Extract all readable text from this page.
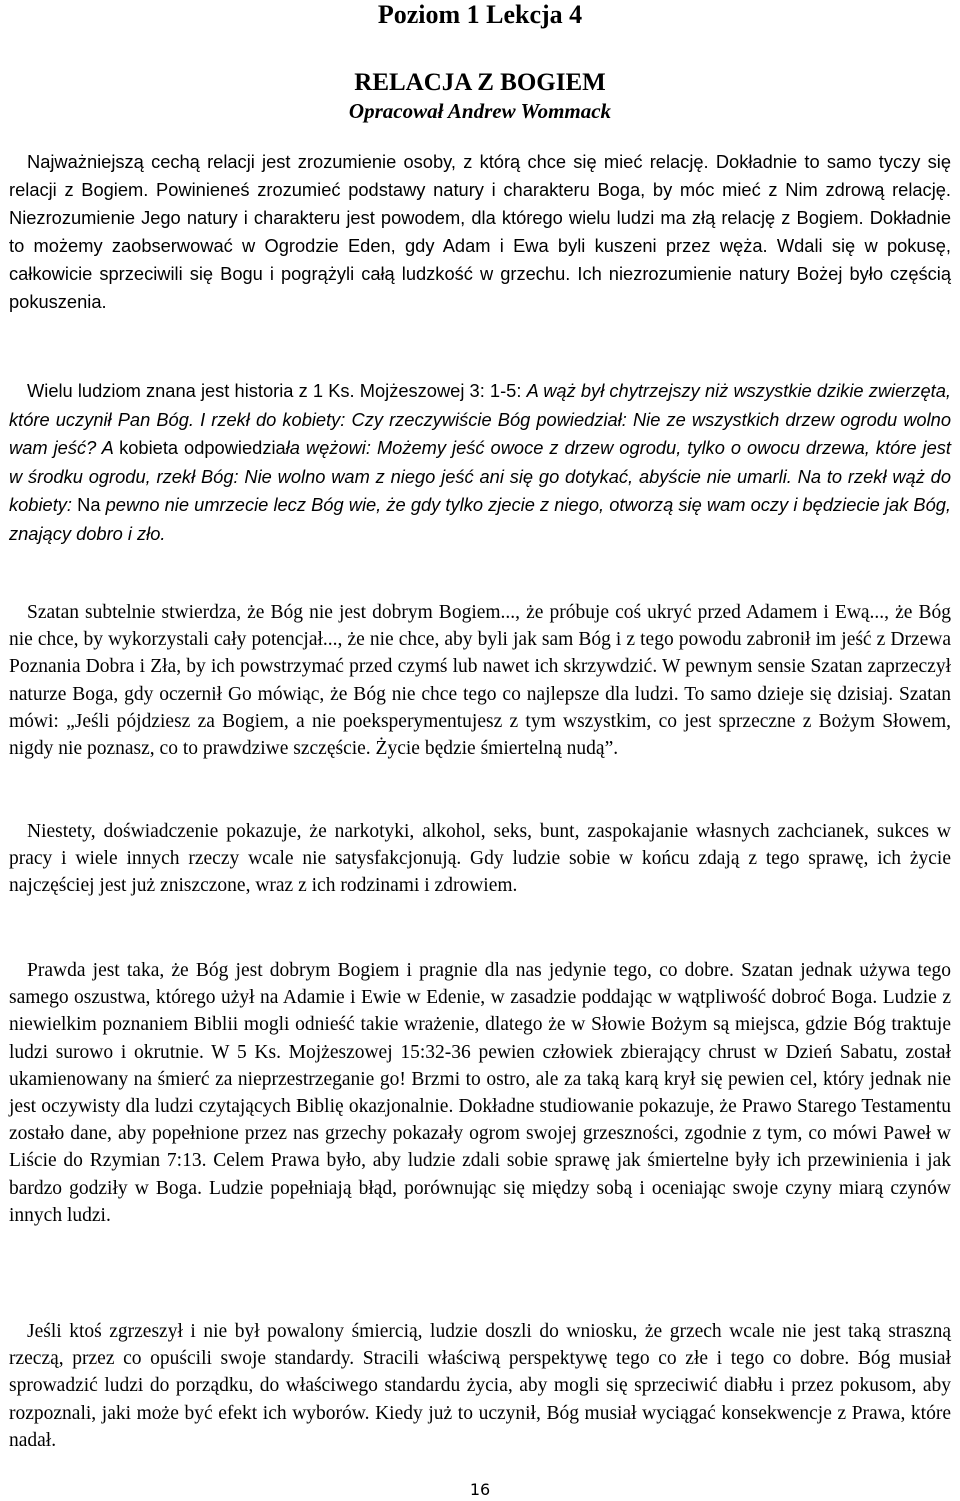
Poziom 1 Lekcja 4
RELACJA Z BOGIEM
Opracował Andrew Wommack

Najważniejszą cechą relacji jest zrozumienie osoby, z którą chce się mieć relację. Dokładnie to samo tyczy się relacji z Bogiem. Powinieneś zrozumieć podstawy natury i charakteru Boga, by móc mieć z Nim zdrową relację. Niezrozumienie Jego natury i charakteru jest powodem, dla którego wielu ludzi ma złą relację z Bogiem. Dokładnie to możemy zaobserwować w Ogrodzie Eden, gdy Adam i Ewa byli kuszeni przez węża. Wdali się w pokusę, całkowicie sprzeciwili się Bogu i pogrążyli całą ludzkość w grzechu. Ich niezrozumienie natury Bożej było częścią pokuszenia.

Wielu ludziom znana jest historia z 1 Ks. Mojżeszowej 3: 1-5: A wąż był chytrzejszy niż wszystkie dzikie zwierzęta, które uczynił Pan Bóg. I rzekł do kobiety: Czy rzeczywiście Bóg powiedział: Nie ze wszystkich drzew ogrodu wolno wam jeść? A kobieta odpowiedziała wężowi: Możemy jeść owoce z drzew ogrodu, tylko o owocu drzewa, które jest w środku ogrodu, rzekł Bóg: Nie wolno wam z niego jeść ani się go dotykać, abyście nie umarli. Na to rzekł wąż do kobiety: Na pewno nie umrzecie lecz Bóg wie, że gdy tylko zjecie z niego, otworzą się wam oczy i będziecie jak Bóg, znający dobro i zło.

Szatan subtelnie stwierdza, że Bóg nie jest dobrym Bogiem..., że próbuje coś ukryć przed Adamem i Ewą..., że Bóg nie chce, by wykorzystali cały potencjał..., że nie chce, aby byli jak sam Bóg i z tego powodu zabronił im jeść z Drzewa Poznania Dobra i Zła, by ich powstrzymać przed czymś lub nawet ich skrzywdzić. W pewnym sensie Szatan zaprzeczył naturze Boga, gdy oczernił Go mówiąc, że Bóg nie chce tego co najlepsze dla ludzi. To samo dzieje się dzisiaj. Szatan mówi: „Jeśli pójdziesz za Bogiem, a nie poeksperymentujesz z tym wszystkim, co jest sprzeczne z Bożym Słowem, nigdy nie poznasz, co to prawdziwe szczęście. Życie będzie śmiertelną nudą”.

Niestety, doświadczenie pokazuje, że narkotyki, alkohol, seks, bunt, zaspokajanie własnych zachcianek, sukces w pracy i wiele innych rzeczy wcale nie satysfakcjonują. Gdy ludzie sobie w końcu zdają z tego sprawę, ich życie najczęściej jest już zniszczone, wraz z ich rodzinami i zdrowiem.

Prawda jest taka, że Bóg jest dobrym Bogiem i pragnie dla nas jedynie tego, co dobre. Szatan jednak używa tego samego oszustwa, którego użył na Adamie i Ewie w Edenie, w zasadzie poddając w wątpliwość dobroć Boga. Ludzie z niewielkim poznaniem Biblii mogli odnieść takie wrażenie, dlatego że w Słowie Bożym są miejsca, gdzie Bóg traktuje ludzi surowo i okrutnie. W 5 Ks. Mojżeszowej 15:32-36 pewien człowiek zbierający chrust w Dzień Sabatu, został ukamienowany na śmierć za nieprzestrzeganie go! Brzmi to ostro, ale za taką karą krył się pewien cel, który jednak nie jest oczywisty dla ludzi czytających Biblię okazjonalnie. Dokładne studiowanie pokazuje, że Prawo Starego Testamentu zostało dane, aby popełnione przez nas grzechy pokazały ogrom swojej grzeszności, zgodnie z tym, co mówi Paweł w Liście do Rzymian 7:13. Celem Prawa było, aby ludzie zdali sobie sprawę jak śmiertelne były ich przewinienia i jak bardzo godziły w Boga. Ludzie popełniają błąd, porównując się między sobą i oceniając swoje czyny miarą czynów innych ludzi.

Jeśli ktoś zgrzeszył i nie był powalony śmiercią, ludzie doszli do wniosku, że grzech wcale nie jest taką straszną rzeczą, przez co opuścili swoje standardy. Stracili właściwą perspektywę tego co złe i tego co dobre. Bóg musiał sprowadzić ludzi do porządku, do właściwego standardu życia, aby mogli się sprzeciwić diabłu i przez pokusom, aby rozpoznali, jaki może być efekt ich wyborów. Kiedy już to uczynił, Bóg musiał wyciągać konsekwencje z Prawa, które nadał.

16
